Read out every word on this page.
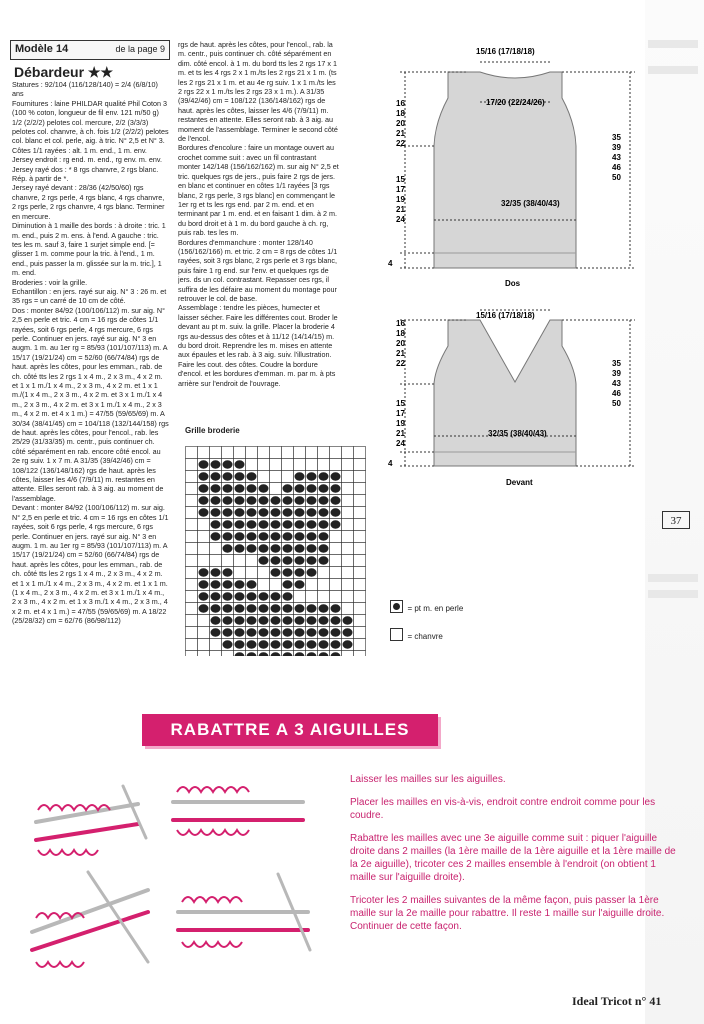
Modèle 14	de la page 9
Débardeur ★★

Statures : 92/104 (116/128/140) = 2/4 (6/8/10) ans

Fournitures : laine PHILDAR qualité Phil Coton 3 (100 % coton, longueur de fil env. 121 m/50 g) 1/2 (2/2/2) pelotes col. mercure, 2/2 (3/3/3) pelotes col. chanvre, à ch. fois 1/2 (2/2/2) pelotes col. blanc et col. perle, aig. à tric. N° 2,5 et N° 3.

Côtes 1/1 rayées : alt. 1 m. end., 1 m. env.

Jersey endroit : rg end. m. end., rg env. m. env.

Jersey rayé dos : * 8 rgs chanvre, 2 rgs blanc. Rép. à partir de *.

Jersey rayé devant : 28/36 (42/50/60) rgs chanvre, 2 rgs perle, 4 rgs blanc, 4 rgs chanvre, 2 rgs perle, 2 rgs chanvre, 4 rgs blanc. Terminer en mercure.

Diminution à 1 maille des bords : à droite : tric. 1 m. end., puis 2 m. ens. à l'end. A gauche : tric. tes les m. sauf 3, faire 1 surjet simple end. [= glisser 1 m. comme pour la tric. à l'end., 1 m. end., puis passer la m. glissée sur la m. tric.], 1 m. end.

Broderies : voir la grille.

Echantillon : en jers. rayé sur aig. N° 3 : 26 m. et 35 rgs = un carré de 10 cm de côté.

Dos : monter 84/92 (100/106/112) m. sur aig. N° 2,5 en perle et tric. 4 cm = 16 rgs de côtes 1/1 rayées, soit 6 rgs perle, 4 rgs mercure, 6 rgs perle. Continuer en jers. rayé sur aig. N° 3 en augm. 1 m. au 1er rg = 85/93 (101/107/113) m. A 15/17 (19/21/24) cm = 52/60 (66/74/84) rgs de haut. après les côtes, pour les emman., rab. de ch. côté tts les 2 rgs 1 x 4 m., 2 x 3 m., 4 x 2 m. et 1 x 1 m./1 x 4 m., 2 x 3 m., 4 x 2 m. et 1 x 1 m./(1 x 4 m., 2 x 3 m., 4 x 2 m. et 3 x 1 m./1 x 4 m., 2 x 3 m., 4 x 2 m. et 3 x 1 m./1 x 4 m., 2 x 3 m., 4 x 2 m. et 4 x 1 m.) = 47/55 (59/65/69) m. A 30/34 (38/41/45) cm = 104/118 (132/144/158) rgs de haut. après les côtes, pour l'encol., rab. les 25/29 (31/33/35) m. centr., puis continuer ch. côté séparément en rab. encore côté encol. au 2e rg suiv. 1 x 7 m. A 31/35 (39/42/46) cm = 108/122 (136/148/162) rgs de haut. après les côtes, laisser les 4/6 (7/9/11) m. restantes en attente. Elles seront rab. à 3 aig. au moment de l'assemblage.

Devant : monter 84/92 (100/106/112) m. sur aig. N° 2,5 en perle et tric. 4 cm = 16 rgs en côtes 1/1 rayées, soit 6 rgs perle, 4 rgs mercure, 6 rgs perle. Continuer en jers. rayé sur aig. N° 3 en augm. 1 m. au 1er rg = 85/93 (101/107/113) m. A 15/17 (19/21/24) cm = 52/60 (66/74/84) rgs de haut. après les côtes, pour les emman., rab. de ch. côté tts les 2 rgs 1 x 4 m., 2 x 3 m., 4 x 2 m. et 1 x 1 m./1 x 4 m., 2 x 3 m., 4 x 2 m. et 1 x 1 m. (1 x 4 m., 2 x 3 m., 4 x 2 m. et 3 x 1 m./1 x 4 m., 2 x 3 m., 4 x 2 m. et 1 x 3 m./1 x 4 m., 2 x 3 m., 4 x 2 m. et 4 x 1 m.) = 47/55 (59/65/69) m. A 18/22 (25/28/32) cm = 62/76 (86/98/112)

rgs de haut. après les côtes, pour l'encol., rab. la m. centr., puis continuer ch. côté séparément en dim. côté encol. à 1 m. du bord tts les 2 rgs 17 x 1 m. et ts les 4 rgs 2 x 1 m./ts les 2 rgs 21 x 1 m. (ts les 2 rgs 21 x 1 m. et au 4e rg suiv. 1 x 1 m./ts les 2 rgs 22 x 1 m./ts les 2 rgs 23 x 1 m.). A 31/35 (39/42/46) cm = 108/122 (136/148/162) rgs de haut. après les côtes, laisser les 4/6 (7/9/11) m. restantes en attente. Elles seront rab. à 3 aig. au moment de l'assemblage. Terminer le second côté de l'encol.

Bordures d'encolure : faire un montage ouvert au crochet comme suit : avec un fil contrastant monter 142/148 (156/162/162) m. sur aig N° 2,5 et tric. quelques rgs de jers., puis faire 2 rgs de jers. en blanc et continuer en côtes 1/1 rayées [3 rgs blanc, 2 rgs perle, 3 rgs blanc] en commençant le 1er rg et ts les rgs end. par 2 m. end. et en terminant par 1 m. end. et en faisant 1 dim. à 2 m. du bord droit et à 1 m. du bord gauche à ch. rg, puis rab. tes les m.

Bordures d'emmanchure : monter 128/140 (156/162/166) m. et tric. 2 cm = 8 rgs de côtes 1/1 rayées, soit 3 rgs blanc, 2 rgs perle et 3 rgs blanc, puis faire 1 rg end. sur l'env. et quelques rgs de jers. ds un col. contrastant. Repasser ces rgs, il suffira de les défaire au moment du montage pour retrouver le col. de base.

Assemblage : tendre les pièces, humecter et laisser sécher. Faire les différentes cout. Broder le devant au pt m. suiv. la grille. Placer la broderie 4 rgs au-dessus des côtes et à 11/12 (14/14/15) m. du bord droit. Reprendre les m. mises en attente aux épaules et les rab. à 3 aig. suiv. l'illustration. Faire les cout. des côtes. Coudre la bordure d'encol. et les bordures d'emman. m. par m. à pts arrière sur l'endroit de l'ouvrage.

15/16 (17/18/18)
17/20 (22/24/26)
32/35 (38/40/43)
4
16
18
20
21
22
15
17
19
21
24
35
39
43
46
50
Dos
15/16 (17/18/18)
32/35 (38/40/43)
4
16
18
20
21
22
15
17
19
21
24
35
39
43
46
50
Devant
Grille broderie
= pt m. en perle
= chanvre
37
RABATTRE A 3 AIGUILLES

Laisser les mailles sur les aiguilles.

Placer les mailles en vis-à-vis, endroit contre endroit comme pour les coudre.

Rabattre les mailles avec une 3e aiguille comme suit : piquer l'aiguille droite dans 2 mailles (la 1ère maille de la 1ère aiguille et la 1ère maille de la 2e aiguille), tricoter ces 2 mailles ensemble à l'endroit (on obtient 1 maille sur l'aiguille droite).

Tricoter les 2 mailles suivantes de la même façon, puis passer la 1ère maille sur la 2e maille pour rabattre. Il reste 1 maille sur l'aiguille droite. Continuer de cette façon.

Ideal Tricot n° 41
